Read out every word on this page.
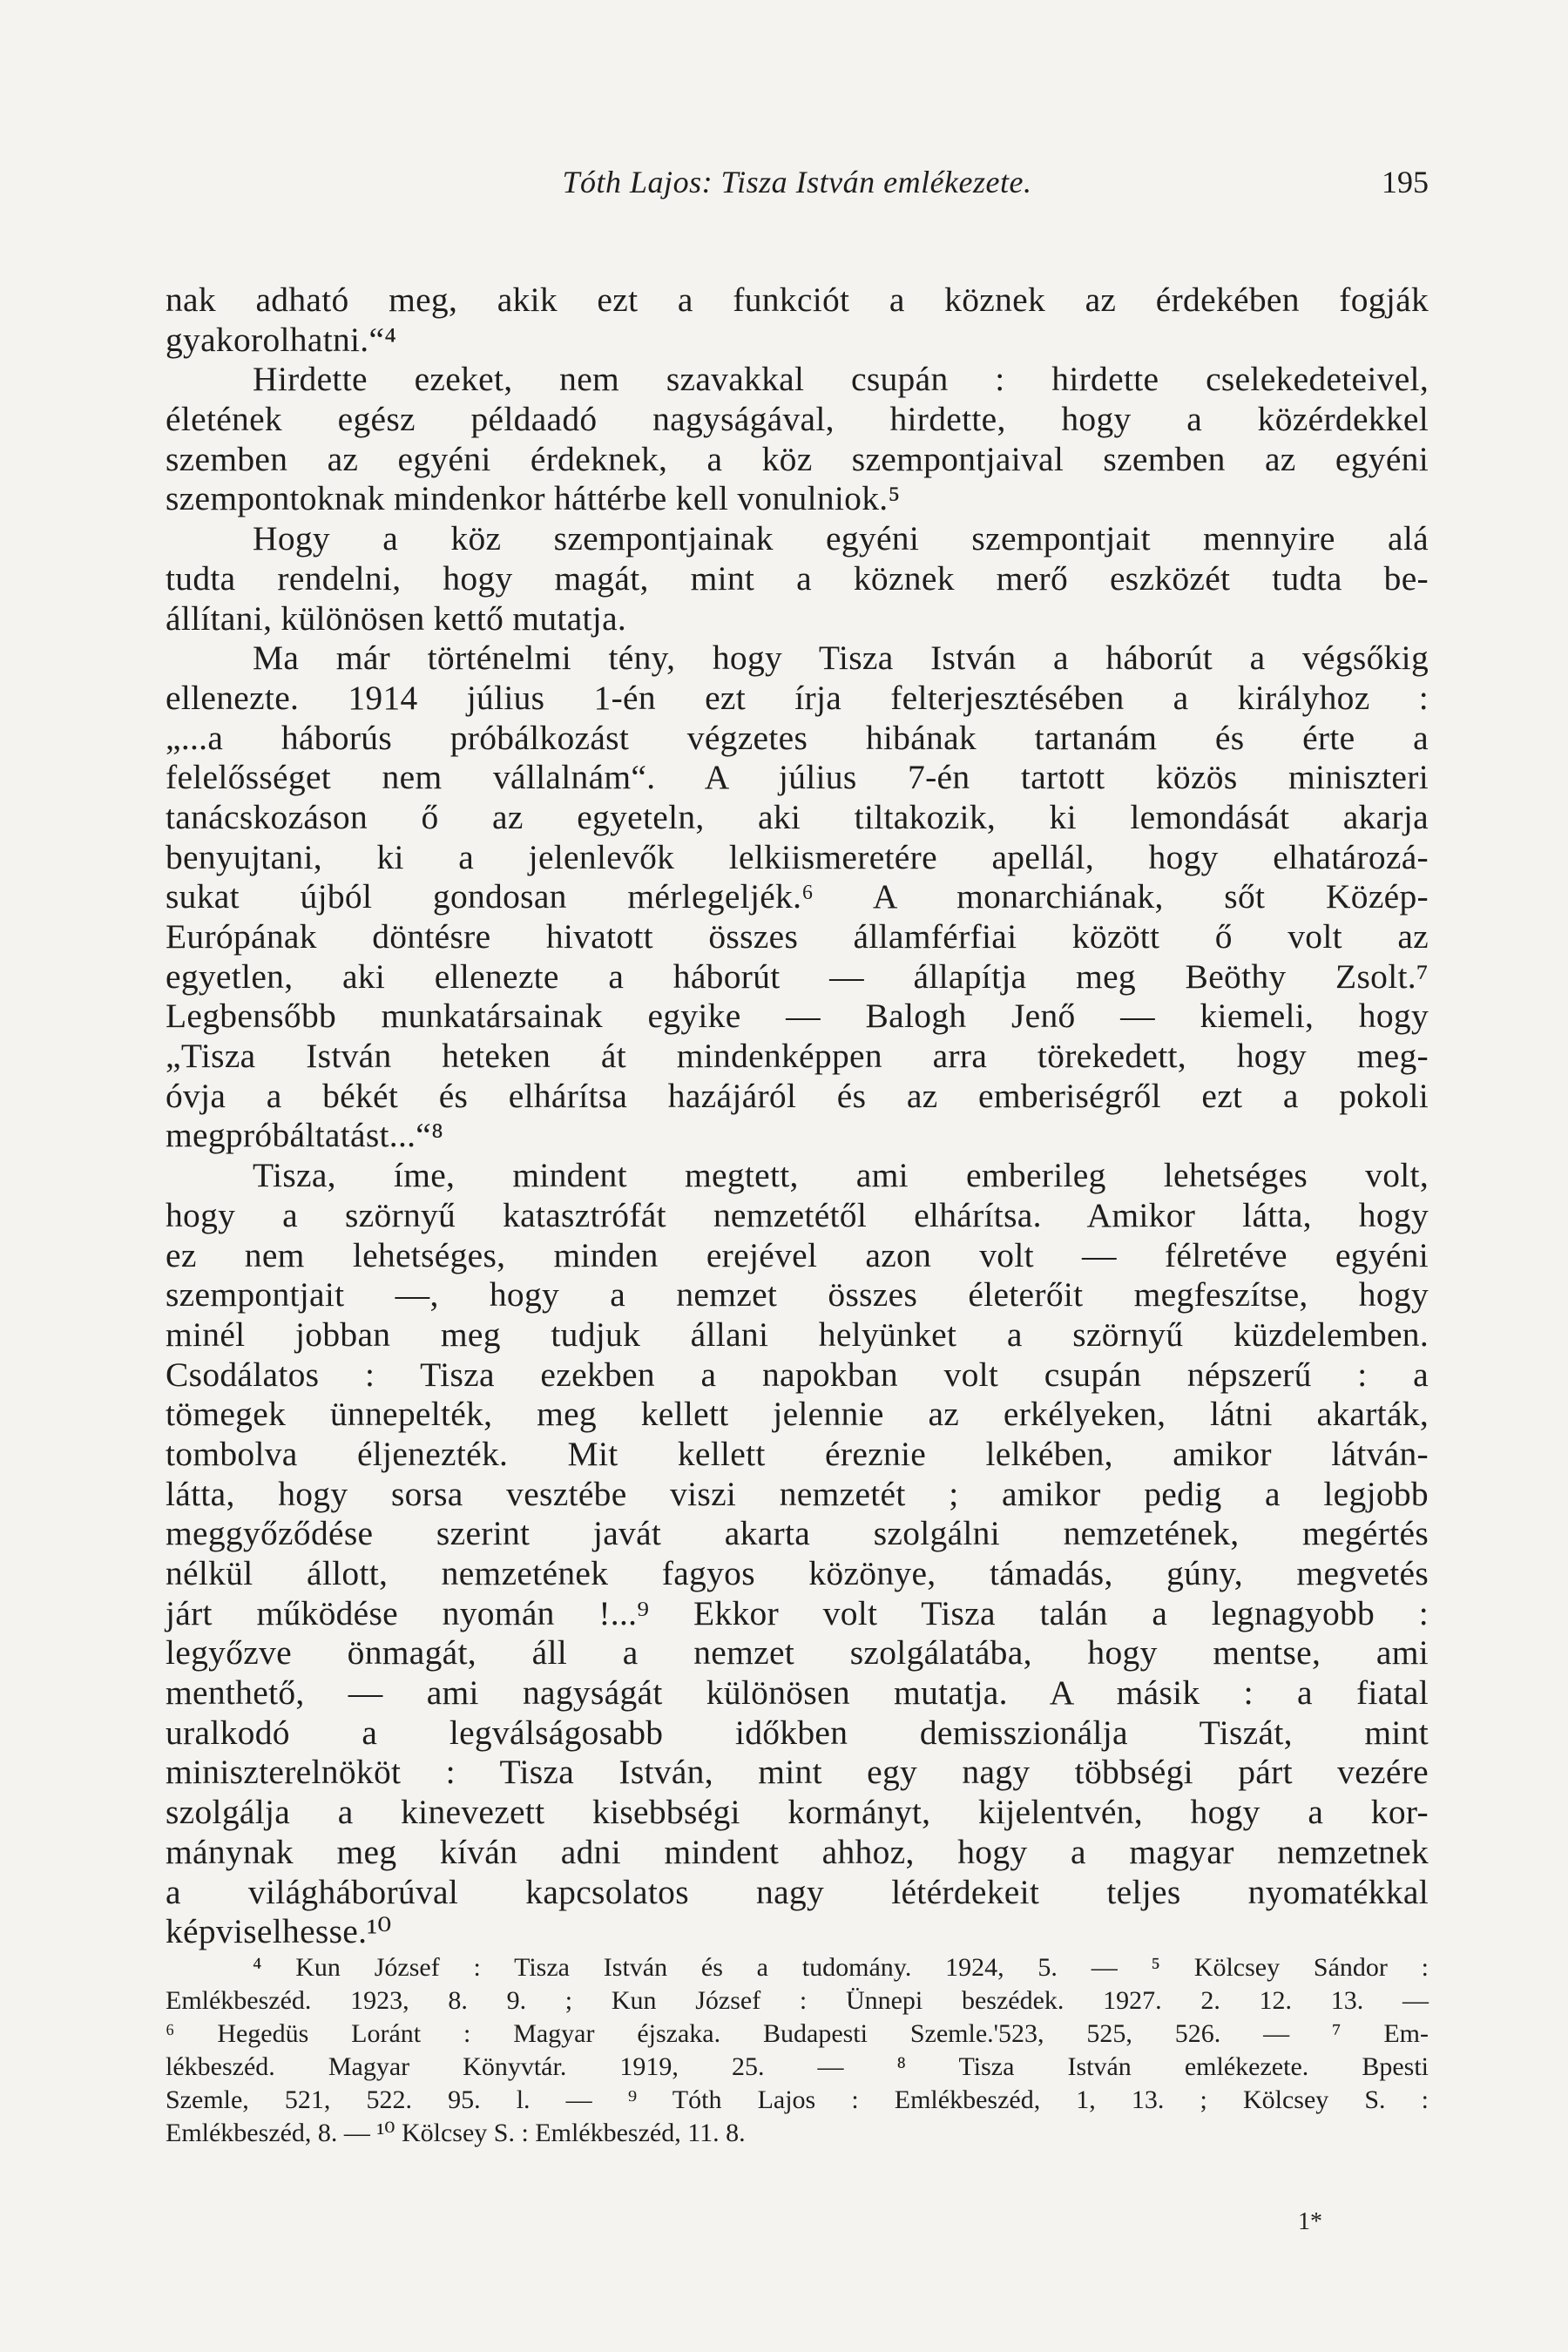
Tóth Lajos: Tisza István emlékezete.	195
nak adható meg, akik ezt a funkciót a köznek az érdekében fogják
gyakorolhatni.“⁴
Hirdette ezeket, nem szavakkal csupán : hirdette cselekedeteivel,
életének egész példaadó nagyságával, hirdette, hogy a közérdekkel
szemben az egyéni érdeknek, a köz szempontjaival szemben az egyéni
szempontoknak mindenkor háttérbe kell vonulniok.⁵
Hogy a köz szempontjainak egyéni szempontjait mennyire alá
tudta rendelni, hogy magát, mint a köznek merő eszközét tudta be-
állítani, különösen kettő mutatja.
Ma már történelmi tény, hogy Tisza István a háborút a végsőkig
ellenezte. 1914 július 1-én ezt írja felterjesztésében a királyhoz :
„...a háborús próbálkozást végzetes hibának tartanám és érte a
felelősséget nem vállalnám“. A július 7-én tartott közös miniszteri
tanácskozáson ő az egyeteln, aki tiltakozik, ki lemondását akarja
benyujtani, ki a jelenlevők lelkiismeretére apellál, hogy elhatározá-
sukat újból gondosan mérlegeljék.⁶ A monarchiának, sőt Közép-
Európának döntésre hivatott összes államférfiai között ő volt az
egyetlen, aki ellenezte a háborút — állapítja meg Beöthy Zsolt.⁷
Legbensőbb munkatársainak egyike — Balogh Jenő — kiemeli, hogy
„Tisza István heteken át mindenképpen arra törekedett, hogy meg-
óvja a békét és elhárítsa hazájáról és az emberiségről ezt a pokoli
megpróbáltatást...“⁸
Tisza, íme, mindent megtett, ami emberileg lehetséges volt,
hogy a szörnyű katasztrófát nemzetétől elhárítsa. Amikor látta, hogy
ez nem lehetséges, minden erejével azon volt — félretéve egyéni
szempontjait —, hogy a nemzet összes életerőit megfeszítse, hogy
minél jobban meg tudjuk állani helyünket a szörnyű küzdelemben.
Csodálatos : Tisza ezekben a napokban volt csupán népszerű : a
tömegek ünnepelték, meg kellett jelennie az erkélyeken, látni akarták,
tombolva éljenezték. Mit kellett éreznie lelkében, amikor látván-
látta, hogy sorsa vesztébe viszi nemzetét ; amikor pedig a legjobb
meggyőződése szerint javát akarta szolgálni nemzetének, megértés
nélkül állott, nemzetének fagyos közönye, támadás, gúny, megvetés
járt működése nyomán !...⁹ Ekkor volt Tisza talán a legnagyobb :
legyőzve önmagát, áll a nemzet szolgálatába, hogy mentse, ami
menthető, — ami nagyságát különösen mutatja. A másik : a fiatal
uralkodó a legválságosabb időkben demisszionálja Tiszát, mint
miniszterelnököt : Tisza István, mint egy nagy többségi párt vezére
szolgálja a kinevezett kisebbségi kormányt, kijelentvén, hogy a kor-
mánynak meg kíván adni mindent ahhoz, hogy a magyar nemzetnek
a világháborúval kapcsolatos nagy létérdekeit teljes nyomatékkal
képviselhesse.¹⁰
⁴ Kun József : Tisza István és a tudomány. 1924, 5. — ⁵ Kölcsey Sándor :
Emlékbeszéd. 1923, 8. 9. ; Kun József : Ünnepi beszédek. 1927. 2. 12. 13. —
⁶ Hegedüs Loránt : Magyar éjszaka. Budapesti Szemle.'523, 525, 526. — ⁷ Em-
lékbeszéd. Magyar Könyvtár. 1919, 25. — ⁸ Tisza István emlékezete. Bpesti
Szemle, 521, 522. 95. l. — ⁹ Tóth Lajos : Emlékbeszéd, 1, 13. ; Kölcsey S. :
Emlékbeszéd, 8. — ¹⁰ Kölcsey S. : Emlékbeszéd, 11. 8.
1*
